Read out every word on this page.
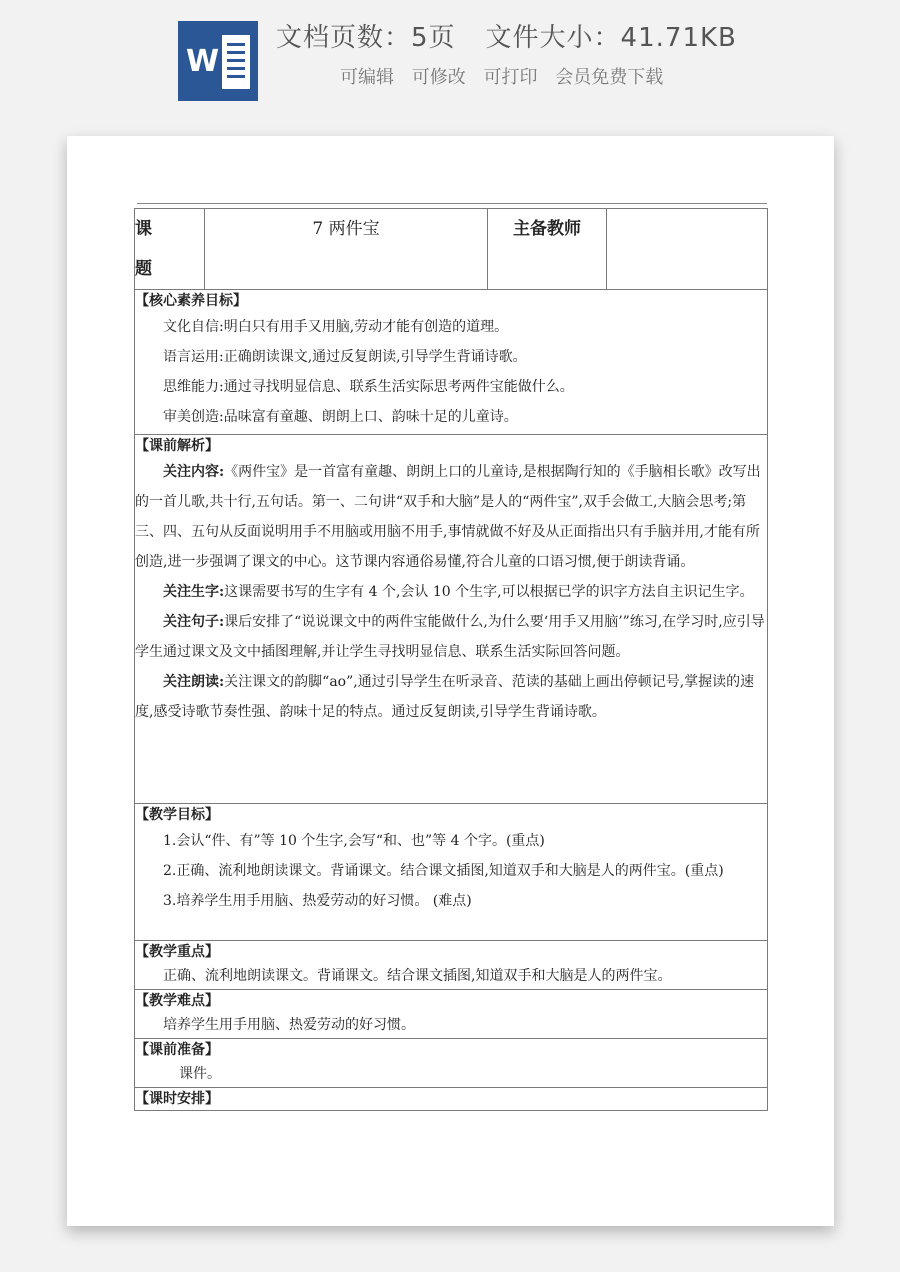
W
文档页数：5页 文件大小：41.71KB
可编辑 可修改 可打印 会员免费下载
课　题	7 两件宝	主备教师	

【核心素养目标】
文化自信:明白只有用手又用脑,劳动才能有创造的道理。
语言运用:正确朗读课文,通过反复朗读,引导学生背诵诗歌。
思维能力:通过寻找明显信息、联系生活实际思考两件宝能做什么。
审美创造:品味富有童趣、朗朗上口、韵味十足的儿童诗。

【课前解析】
关注内容:《两件宝》是一首富有童趣、朗朗上口的儿童诗,是根据陶行知的《手脑相长歌》改写出的一首儿歌,共十行,五句话。第一、二句讲“双手和大脑”是人的“两件宝”,双手会做工,大脑会思考;第三、四、五句从反面说明用手不用脑或用脑不用手,事情就做不好及从正面指出只有手脑并用,才能有所创造,进一步强调了课文的中心。这节课内容通俗易懂,符合儿童的口语习惯,便于朗读背诵。
关注生字:这课需要书写的生字有 4 个,会认 10 个生字,可以根据已学的识字方法自主识记生字。
关注句子:课后安排了“说说课文中的两件宝能做什么,为什么要‘用手又用脑’”练习,在学习时,应引导学生通过课文及文中插图理解,并让学生寻找明显信息、联系生活实际回答问题。
关注朗读:关注课文的韵脚“ao”,通过引导学生在听录音、范读的基础上画出停顿记号,掌握读的速度,感受诗歌节奏性强、韵味十足的特点。通过反复朗读,引导学生背诵诗歌。

【教学目标】
1.会认“件、有”等 10 个生字,会写“和、也”等 4 个字。(重点)
2.正确、流利地朗读课文。背诵课文。结合课文插图,知道双手和大脑是人的两件宝。(重点)
3.培养学生用手用脑、热爱劳动的好习惯。 (难点)

【教学重点】
正确、流利地朗读课文。背诵课文。结合课文插图,知道双手和大脑是人的两件宝。

【教学难点】
培养学生用手用脑、热爱劳动的好习惯。

【课前准备】
课件。

【课时安排】
